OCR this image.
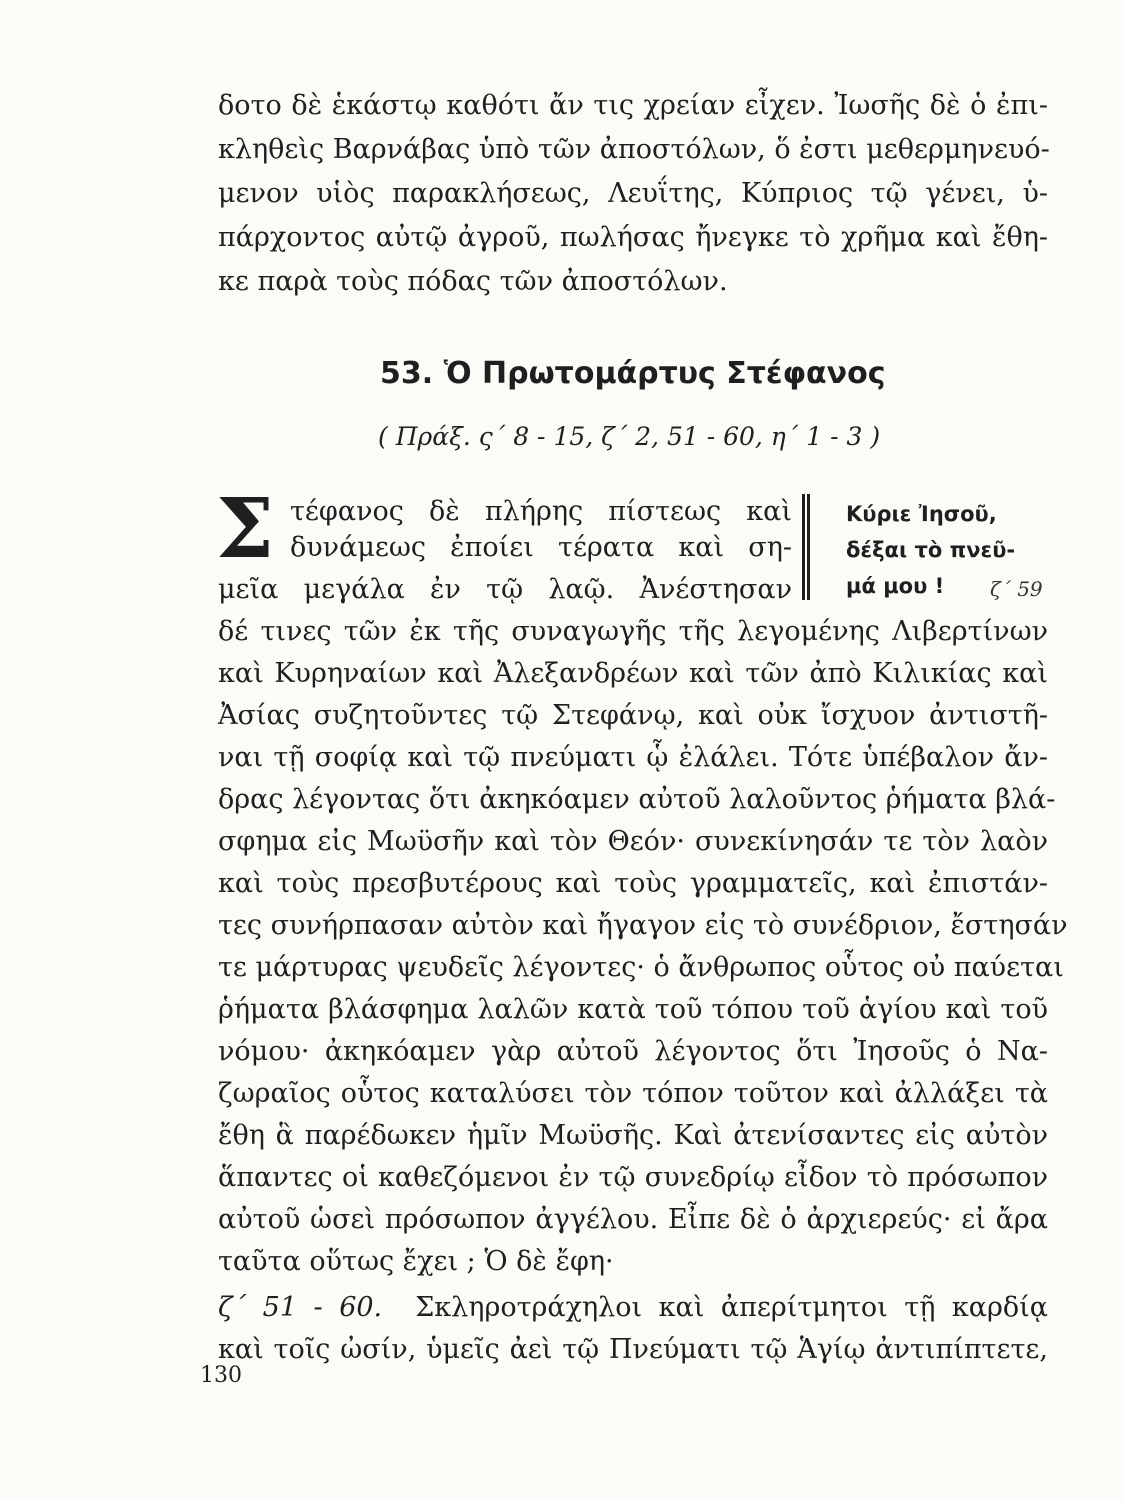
δοτο δὲ ἑκάστῳ καθότι ἄν τις χρείαν εἶχεν. Ἰωσῆς δὲ ὁ ἐπι-
κληθεὶς Βαρνάβας ὑπὸ τῶν ἀποστόλων, ὅ ἐστι μεθερμηνευό-
μενον υἱὸς παρακλήσεως, Λευΐτης, Κύπριος τῷ γένει, ὑ-
πάρχοντος αὐτῷ ἀγροῦ, πωλήσας ἤνεγκε τὸ χρῆμα καὶ ἔθη-
κε παρὰ τοὺς πόδας τῶν ἀποστόλων.
53. Ὁ Πρωτομάρτυς Στέφανος
( Πράξ. ς΄ 8 - 15, ζ΄ 2, 51 - 60, η΄ 1 - 3 )
Σ τέφανος δὲ πλήρης πίστεως καὶ
δυνάμεως ἐποίει τέρατα καὶ ση-
μεῖα μεγάλα ἐν τῷ λαῷ. Ἀνέστησαν
Κύριε Ἰησοῦ,
δέξαι τὸ πνεῦ-
μά μου !	ζ΄ 59
δέ τινες τῶν ἐκ τῆς συναγωγῆς τῆς λεγομένης Λιβερτίνων
καὶ Κυρηναίων καὶ Ἀλεξανδρέων καὶ τῶν ἀπὸ Κιλικίας καὶ
Ἀσίας συζητοῦντες τῷ Στεφάνῳ, καὶ οὐκ ἴσχυον ἀντιστῆ-
ναι τῇ σοφίᾳ καὶ τῷ πνεύματι ᾧ ἐλάλει. Τότε ὑπέβαλον ἄν-
δρας λέγοντας ὅτι ἀκηκόαμεν αὐτοῦ λαλοῦντος ῥήματα βλά-
σφημα εἰς Μωϋσῆν καὶ τὸν Θεόν· συνεκίνησάν τε τὸν λαὸν
καὶ τοὺς πρεσβυτέρους καὶ τοὺς γραμματεῖς, καὶ ἐπιστάν-
τες συνήρπασαν αὐτὸν καὶ ἤγαγον εἰς τὸ συνέδριον, ἔστησάν
τε μάρτυρας ψευδεῖς λέγοντες· ὁ ἄνθρωπος οὗτος οὐ παύεται
ῥήματα βλάσφημα λαλῶν κατὰ τοῦ τόπου τοῦ ἁγίου καὶ τοῦ
νόμου· ἀκηκόαμεν γὰρ αὐτοῦ λέγοντος ὅτι Ἰησοῦς ὁ Να-
ζωραῖος οὗτος καταλύσει τὸν τόπον τοῦτον καὶ ἀλλάξει τὰ
ἔθη ἃ παρέδωκεν ἡμῖν Μωϋσῆς. Καὶ ἀτενίσαντες εἰς αὐτὸν
ἅπαντες οἱ καθεζόμενοι ἐν τῷ συνεδρίῳ εἶδον τὸ πρόσωπον
αὐτοῦ ὡσεὶ πρόσωπον ἀγγέλου. Εἶπε δὲ ὁ ἀρχιερεύς· εἰ ἄρα
ταῦτα οὕτως ἔχει ; Ὁ δὲ ἔφη·
ζ΄ 51 - 60. Σκληροτράχηλοι καὶ ἀπερίτμητοι τῇ καρδίᾳ
καὶ τοῖς ὠσίν, ὑμεῖς ἀεὶ τῷ Πνεύματι τῷ Ἁγίῳ ἀντιπίπτετε,
130
